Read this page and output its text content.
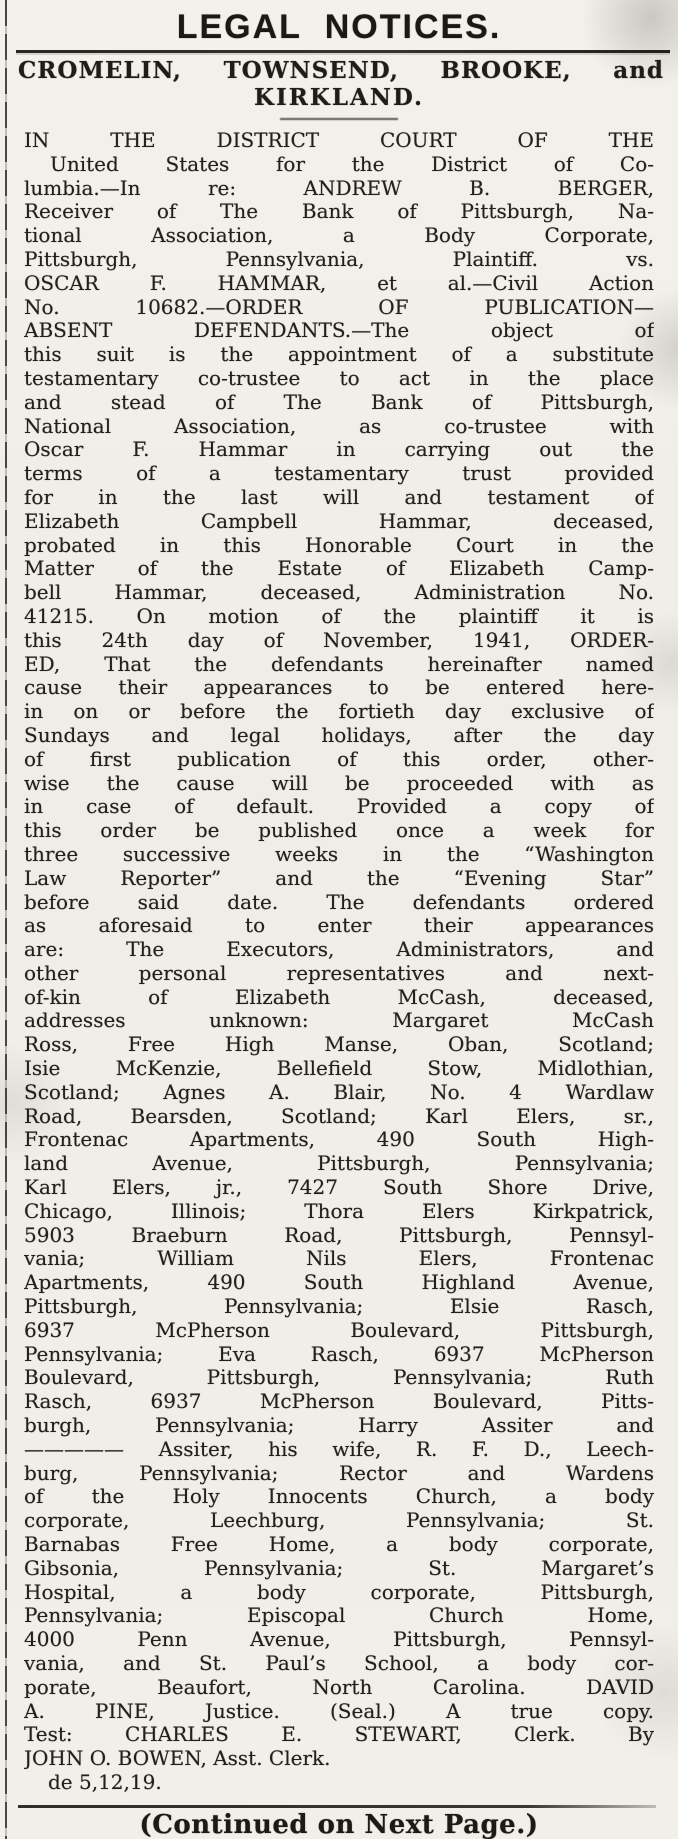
LEGAL NOTICES.
CROMELIN, TOWNSEND, BROOKE, and
KIRKLAND.
IN THE DISTRICT COURT OF THE
United States for the District of Co-
lumbia.—In re: ANDREW B. BERGER,
Receiver of The Bank of Pittsburgh, Na-
tional Association, a Body Corporate,
Pittsburgh, Pennsylvania, Plaintiff. vs.
OSCAR F. HAMMAR, et al.—Civil Action
No. 10682.—ORDER OF PUBLICATION—
ABSENT DEFENDANTS.—The object of
this suit is the appointment of a substitute
testamentary co-trustee to act in the place
and stead of The Bank of Pittsburgh,
National Association, as co-trustee with
Oscar F. Hammar in carrying out the
terms of a testamentary trust provided
for in the last will and testament of
Elizabeth Campbell Hammar, deceased,
probated in this Honorable Court in the
Matter of the Estate of Elizabeth Camp-
bell Hammar, deceased, Administration No.
41215. On motion of the plaintiff it is
this 24th day of November, 1941, ORDER-
ED, That the defendants hereinafter named
cause their appearances to be entered here-
in on or before the fortieth day exclusive of
Sundays and legal holidays, after the day
of first publication of this order, other-
wise the cause will be proceeded with as
in case of default. Provided a copy of
this order be published once a week for
three successive weeks in the “Washington
Law Reporter” and the “Evening Star”
before said date. The defendants ordered
as aforesaid to enter their appearances
are: The Executors, Administrators, and
other personal representatives and next-
of-kin of Elizabeth McCash, deceased,
addresses unknown: Margaret McCash
Ross, Free High Manse, Oban, Scotland;
Isie McKenzie, Bellefield Stow, Midlothian,
Scotland; Agnes A. Blair, No. 4 Wardlaw
Road, Bearsden, Scotland; Karl Elers, sr.,
Frontenac Apartments, 490 South High-
land Avenue, Pittsburgh, Pennsylvania;
Karl Elers, jr., 7427 South Shore Drive,
Chicago, Illinois; Thora Elers Kirkpatrick,
5903 Braeburn Road, Pittsburgh, Pennsyl-
vania; William Nils Elers, Frontenac
Apartments, 490 South Highland Avenue,
Pittsburgh, Pennsylvania; Elsie Rasch,
6937 McPherson Boulevard, Pittsburgh,
Pennsylvania; Eva Rasch, 6937 McPherson
Boulevard, Pittsburgh, Pennsylvania; Ruth
Rasch, 6937 McPherson Boulevard, Pitts-
burgh, Pennsylvania; Harry Assiter and
————— Assiter, his wife, R. F. D., Leech-
burg, Pennsylvania; Rector and Wardens
of the Holy Innocents Church, a body
corporate, Leechburg, Pennsylvania; St.
Barnabas Free Home, a body corporate,
Gibsonia, Pennsylvania; St. Margaret’s
Hospital, a body corporate, Pittsburgh,
Pennsylvania; Episcopal Church Home,
4000 Penn Avenue, Pittsburgh, Pennsyl-
vania, and St. Paul’s School, a body cor-
porate, Beaufort, North Carolina. DAVID
A. PINE, Justice. (Seal.) A true copy.
Test: CHARLES E. STEWART, Clerk. By
JOHN O. BOWEN, Asst. Clerk.
de 5,12,19.
(Continued on Next Page.)
